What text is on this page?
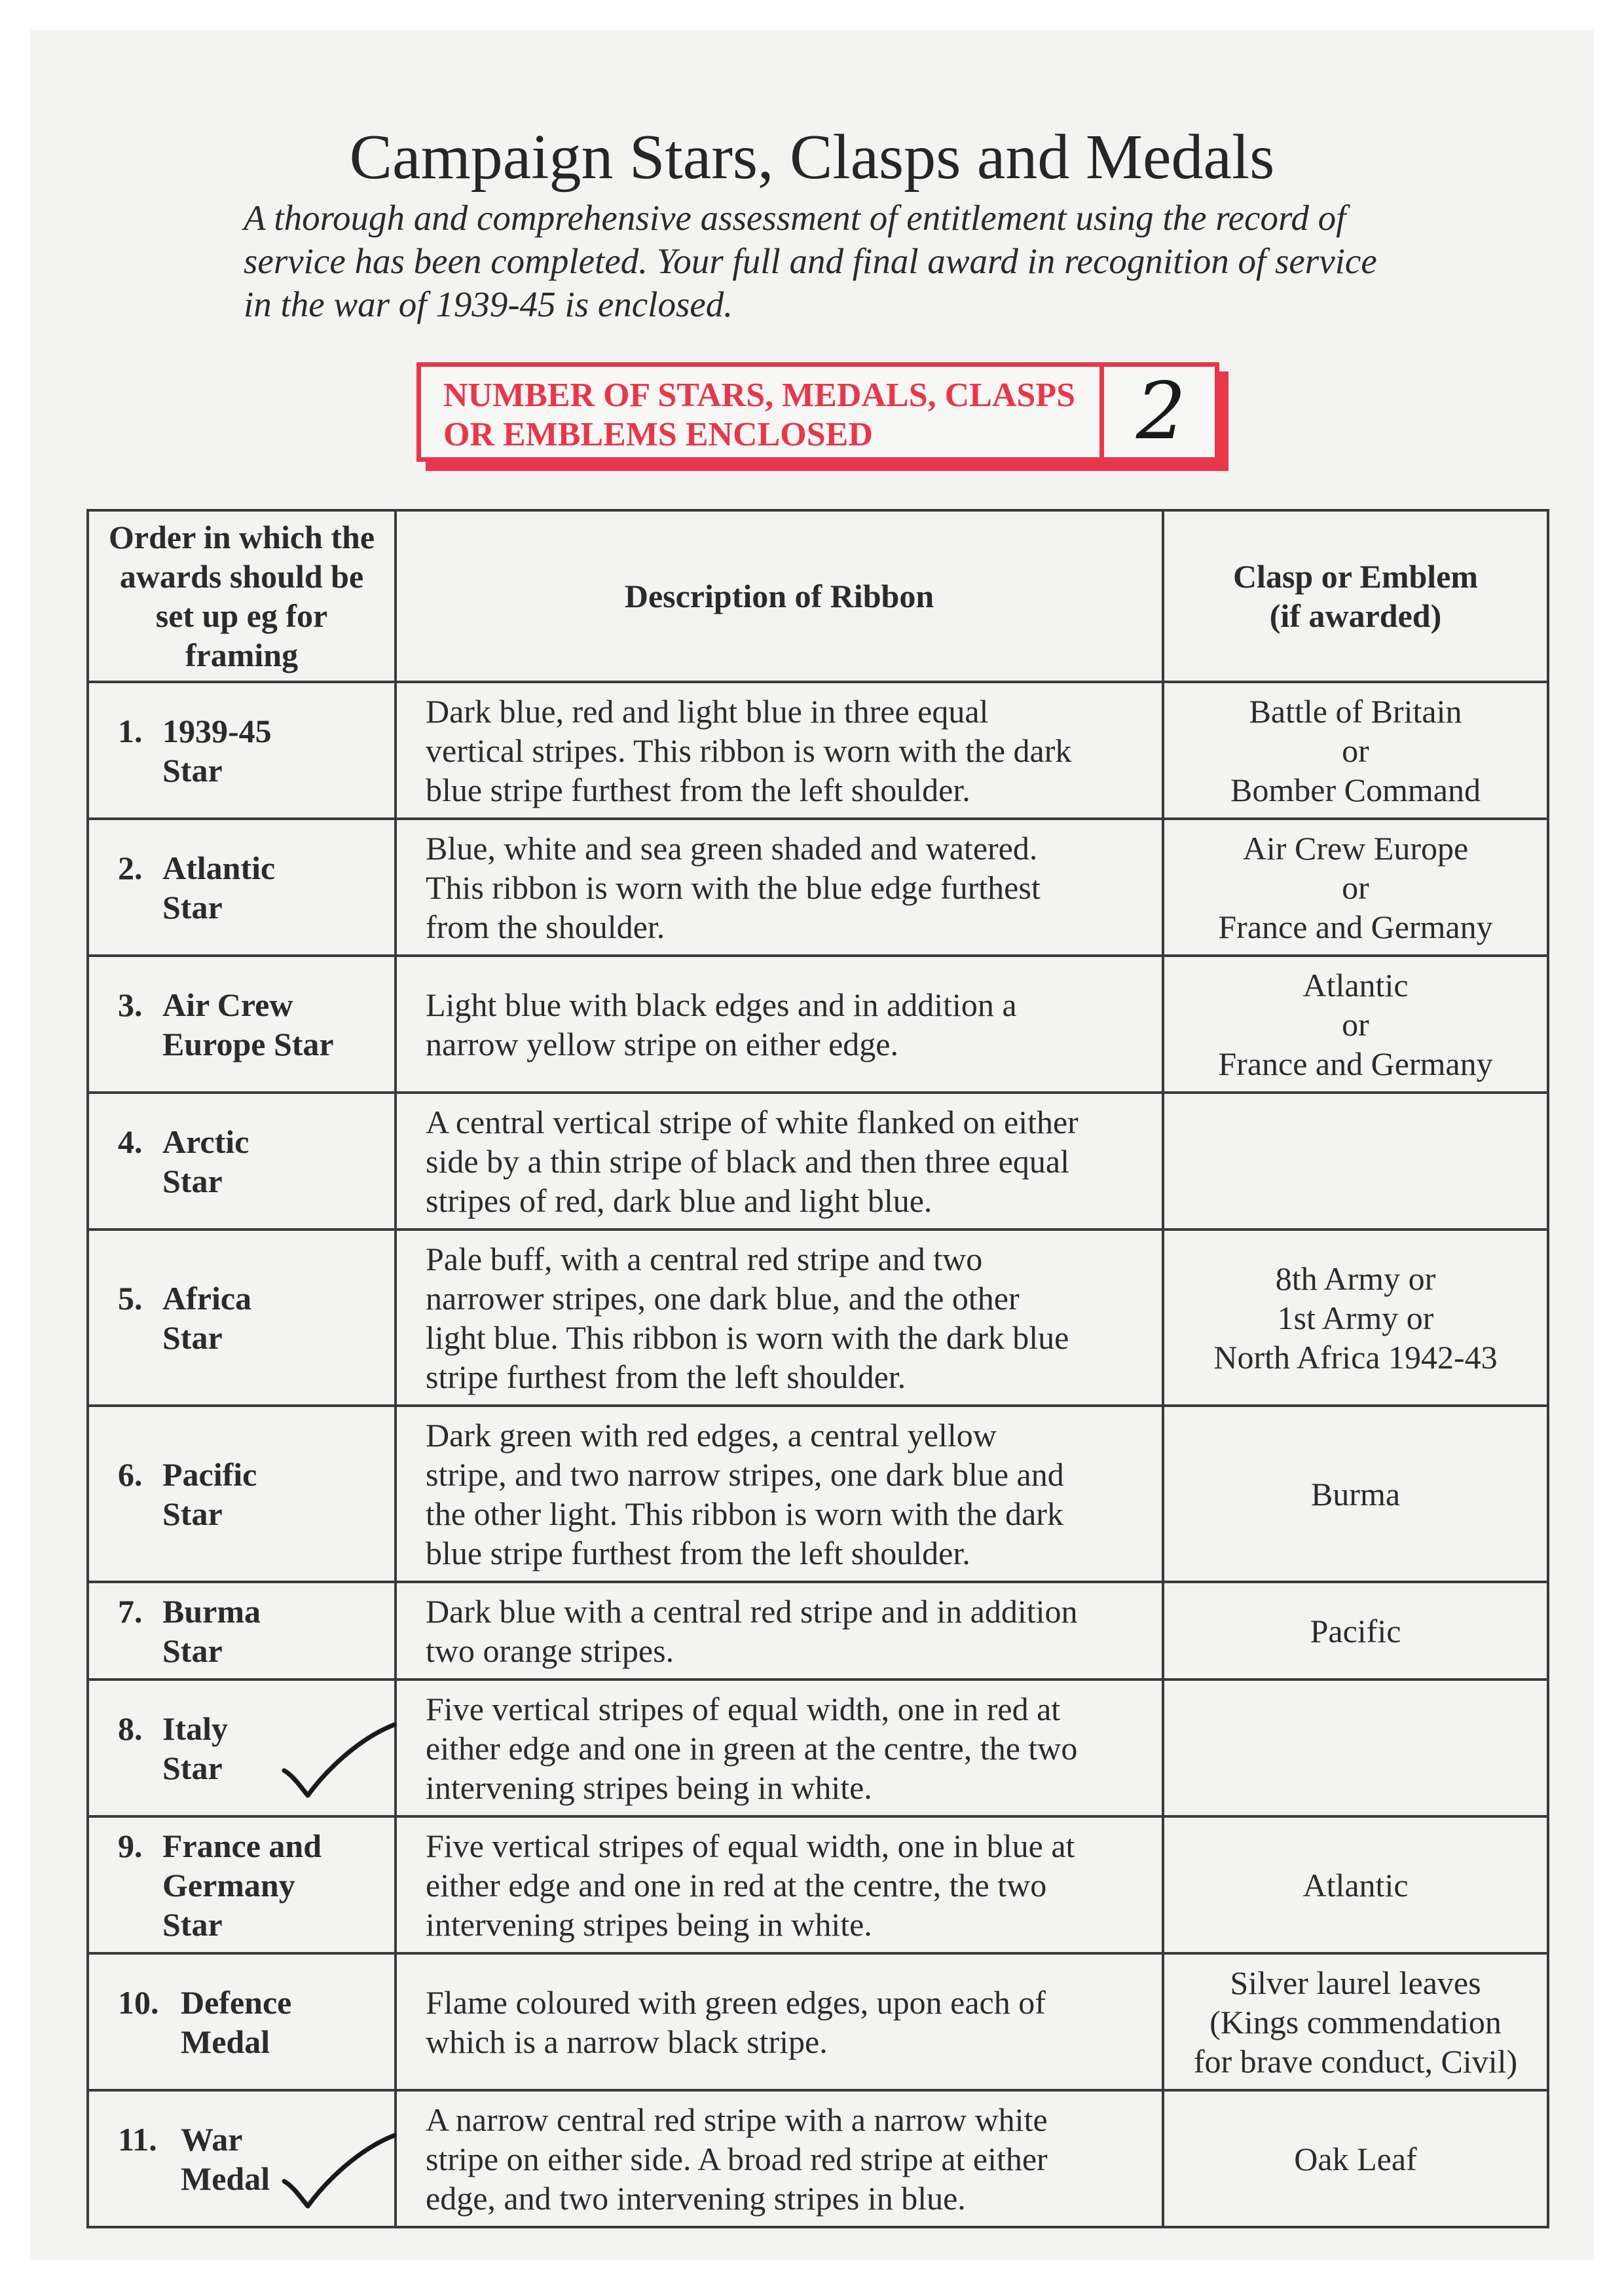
Campaign Stars, Clasps and Medals
A thorough and comprehensive assessment of entitlement using the record of
service has been completed. Your full and final award in recognition of service
in the war of 1939-45 is enclosed.
NUMBER OF STARS, MEDALS, CLASPS
OR EMBLEMS ENCLOSED	2
Order in which the awards should be set up eg for framing	Description of Ribbon	Clasp or Emblem
(if awarded)

1. 1939-45
Star	Dark blue, red and light blue in three equal
vertical stripes. This ribbon is worn with the dark
blue stripe furthest from the left shoulder.	Battle of Britain
or
Bomber Command

2. Atlantic
Star	Blue, white and sea green shaded and watered.
This ribbon is worn with the blue edge furthest
from the shoulder.	Air Crew Europe
or
France and Germany

3. Air Crew
Europe Star	Light blue with black edges and in addition a
narrow yellow stripe on either edge.	Atlantic
or
France and Germany

4. Arctic
Star	A central vertical stripe of white flanked on either
side by a thin stripe of black and then three equal
stripes of red, dark blue and light blue.	

5. Africa
Star	Pale buff, with a central red stripe and two
narrower stripes, one dark blue, and the other
light blue. This ribbon is worn with the dark blue
stripe furthest from the left shoulder.	8th Army or
1st Army or
North Africa 1942-43

6. Pacific
Star	Dark green with red edges, a central yellow
stripe, and two narrow stripes, one dark blue and
the other light. This ribbon is worn with the dark
blue stripe furthest from the left shoulder.	Burma

7. Burma
Star	Dark blue with a central red stripe and in addition
two orange stripes.	Pacific

8. Italy
Star	Five vertical stripes of equal width, one in red at
either edge and one in green at the centre, the two
intervening stripes being in white.	

9. France and
Germany
Star	Five vertical stripes of equal width, one in blue at
either edge and one in red at the centre, the two
intervening stripes being in white.	Atlantic

10. Defence
Medal	Flame coloured with green edges, upon each of
which is a narrow black stripe.	Silver laurel leaves
(Kings commendation
for brave conduct, Civil)

11. War
Medal	A narrow central red stripe with a narrow white
stripe on either side. A broad red stripe at either
edge, and two intervening stripes in blue.	Oak Leaf
